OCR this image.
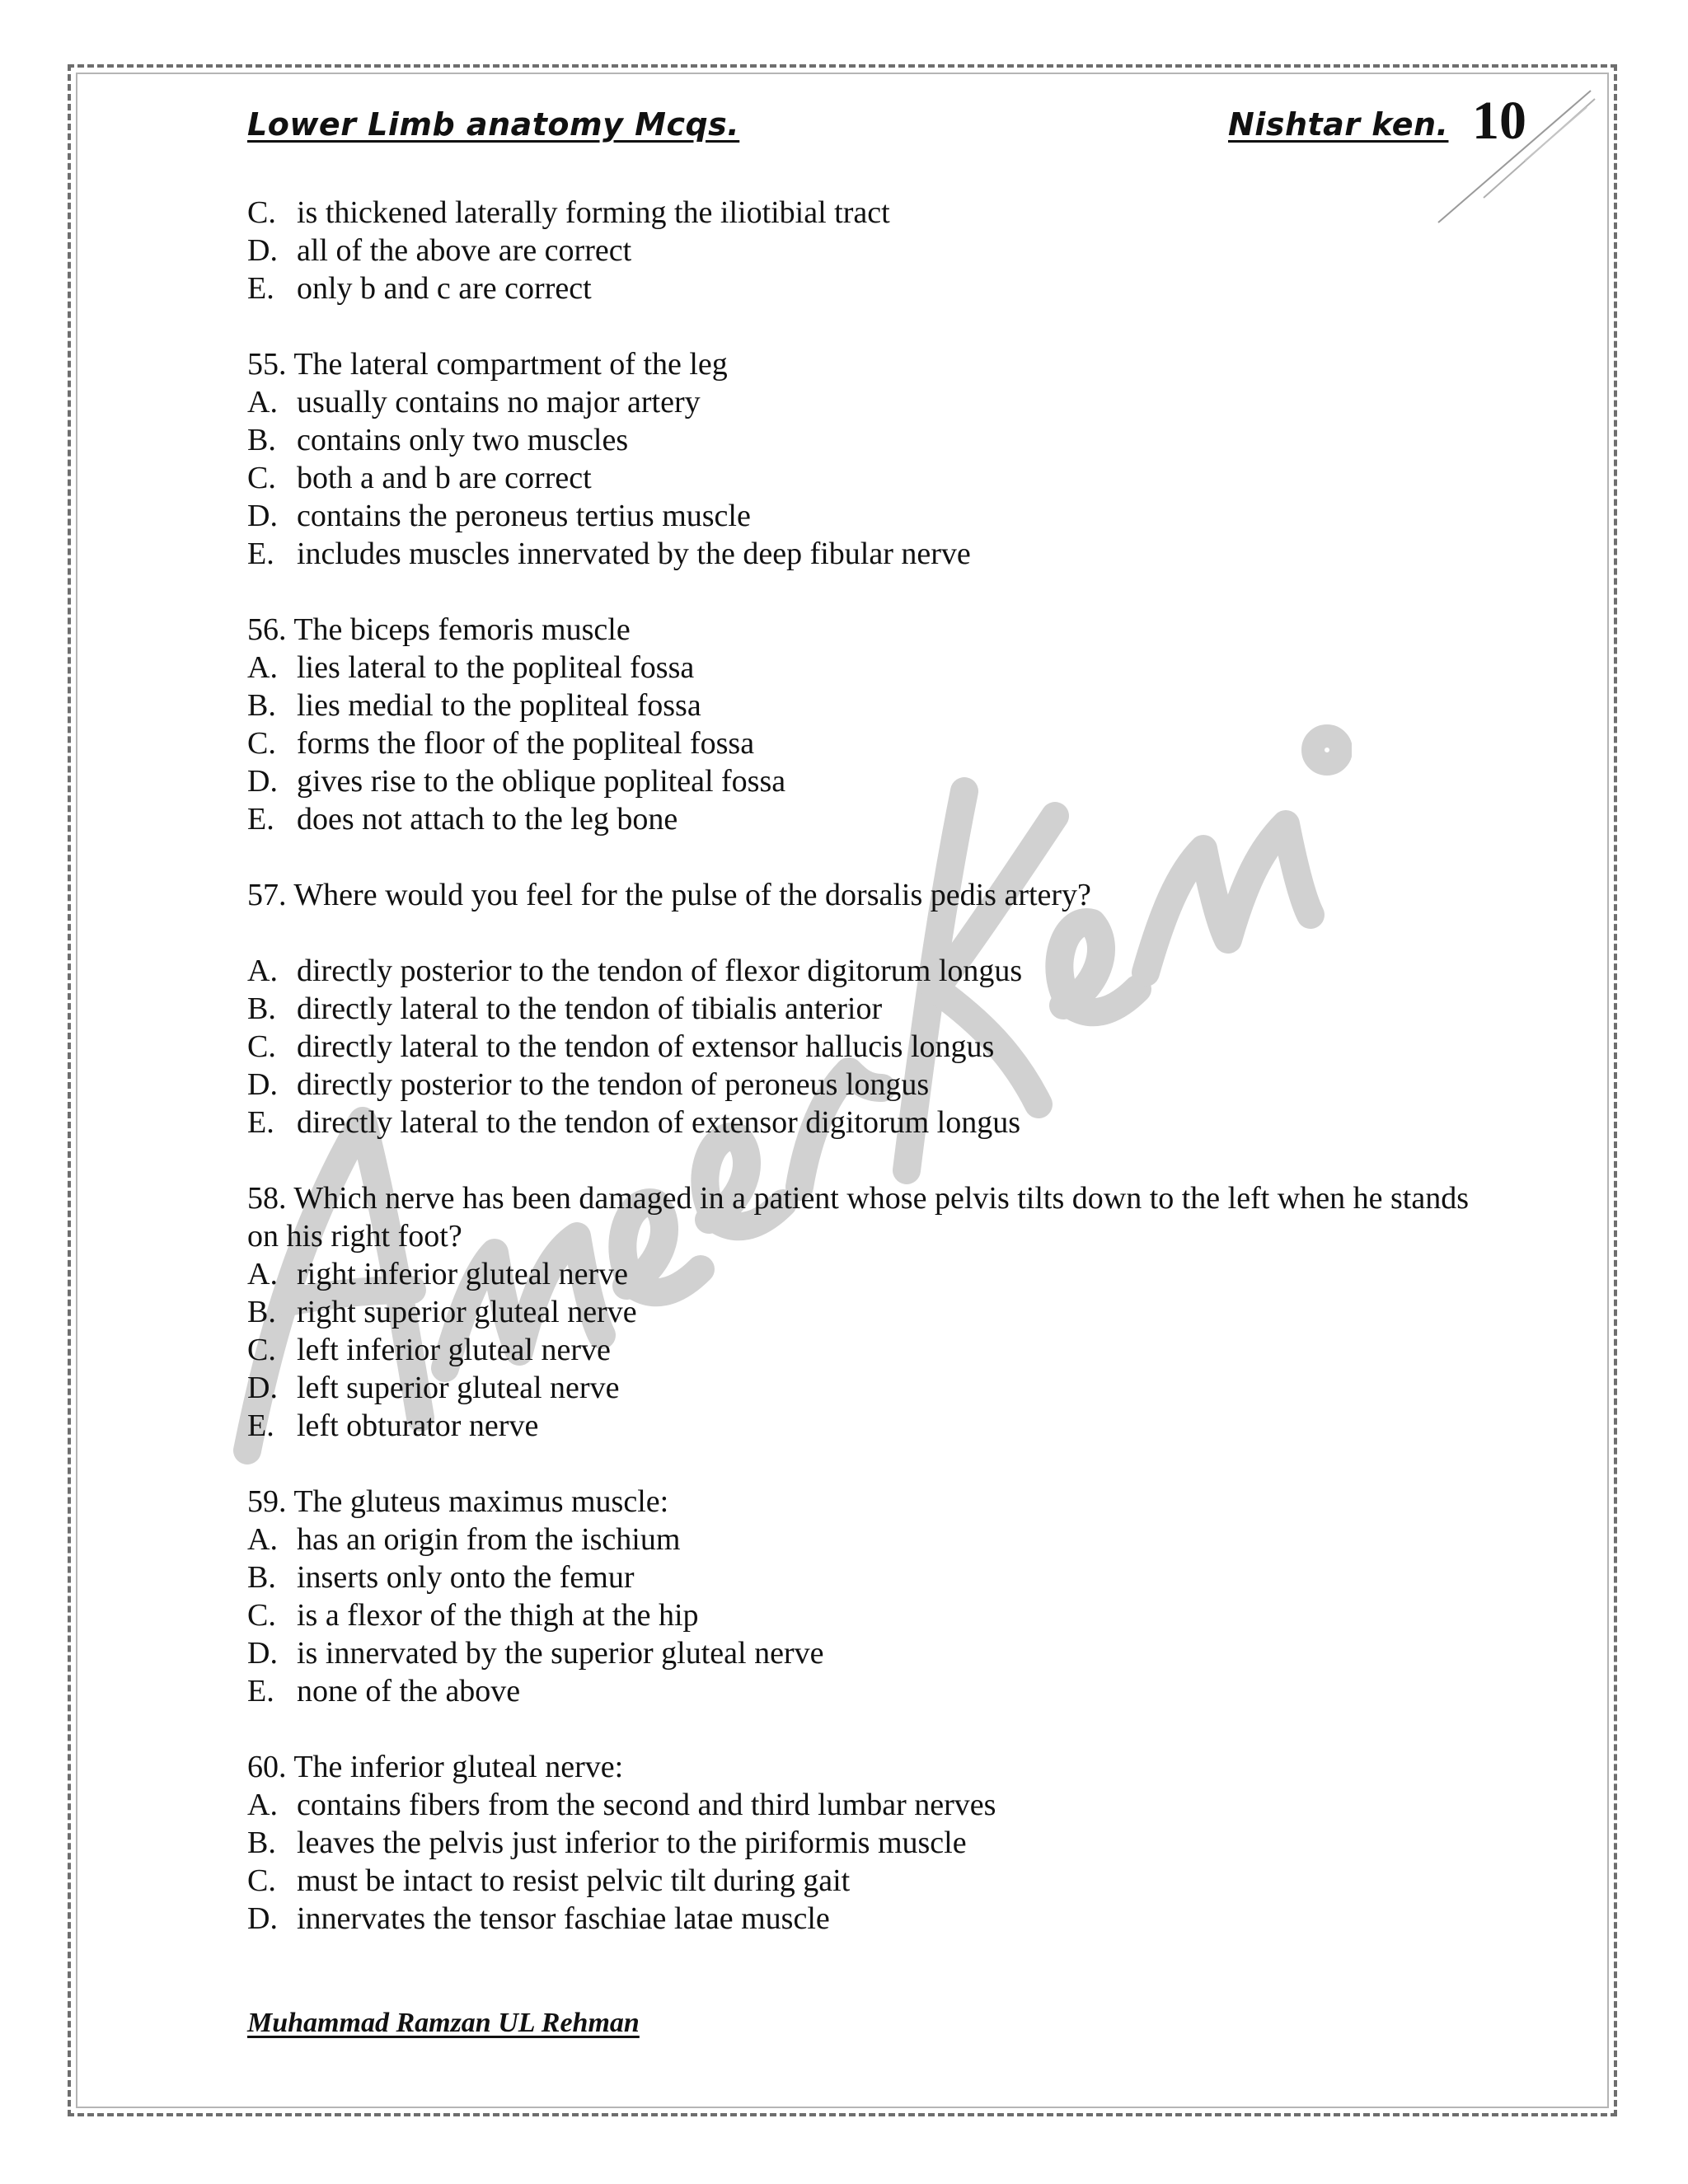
Lower Limb anatomy Mcqs.	Nishtar ken. 10
C. is thickened laterally forming the iliotibial tract
D. all of the above are correct
E. only b and c are correct

55. The lateral compartment of the leg

A. usually contains no major artery
B. contains only two muscles
C. both a and b are correct
D. contains the peroneus tertius muscle
E. includes muscles innervated by the deep fibular nerve

56. The biceps femoris muscle

A. lies lateral to the popliteal fossa
B. lies medial to the popliteal fossa
C. forms the floor of the popliteal fossa
D. gives rise to the oblique popliteal fossa
E. does not attach to the leg bone

57. Where would you feel for the pulse of the dorsalis pedis artery?

A. directly posterior to the tendon of flexor digitorum longus
B. directly lateral to the tendon of tibialis anterior
C. directly lateral to the tendon of extensor hallucis longus
D. directly posterior to the tendon of peroneus longus
E. directly lateral to the tendon of extensor digitorum longus

58. Which nerve has been damaged in a patient whose pelvis tilts down to the left when he stands on his right foot?

A. right inferior gluteal nerve
B. right superior gluteal nerve
C. left inferior gluteal nerve
D. left superior gluteal nerve
E. left obturator nerve

59. The gluteus maximus muscle:

A. has an origin from the ischium
B. inserts only onto the femur
C. is a flexor of the thigh at the hip
D. is innervated by the superior gluteal nerve
E. none of the above

60. The inferior gluteal nerve:

A. contains fibers from the second and third lumbar nerves
B. leaves the pelvis just inferior to the piriformis muscle
C. must be intact to resist pelvic tilt during gait
D. innervates the tensor faschiae latae muscle
Muhammad Ramzan UL Rehman
